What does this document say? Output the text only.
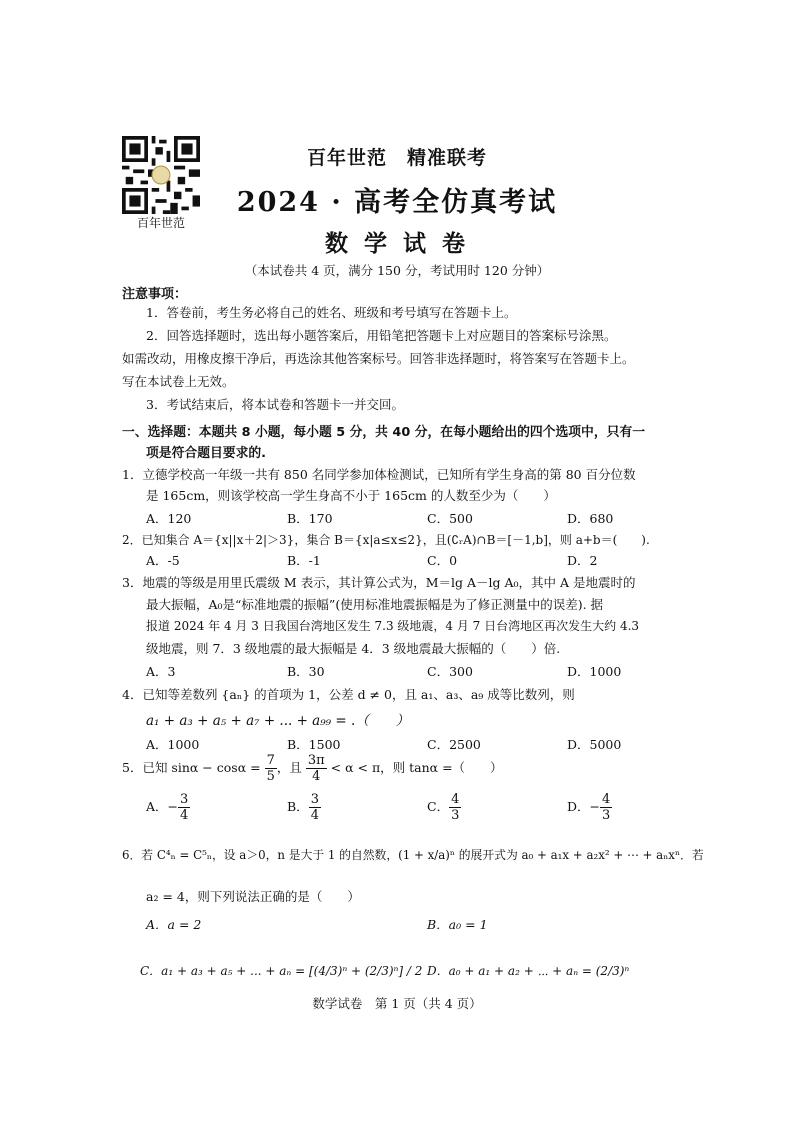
百年世范
百年世范　精准联考
2024 · 高考全仿真考试
数 学 试 卷
（本试卷共 4 页，满分 150 分，考试用时 120 分钟）
注意事项：
1．答卷前，考生务必将自己的姓名、班级和考号填写在答题卡上。
2．回答选择题时，选出每小题答案后，用铅笔把答题卡上对应题目的答案标号涂黑。
如需改动，用橡皮擦干净后，再选涂其他答案标号。回答非选择题时，将答案写在答题卡上。
写在本试卷上无效。
3．考试结束后，将本试卷和答题卡一并交回。
一、选择题：本题共 8 小题，每小题 5 分，共 40 分，在每小题给出的四个选项中，只有一
项是符合题目要求的.
1．立德学校高一年级一共有 850 名同学参加体检测试，已知所有学生身高的第 80 百分位数
是 165cm，则该学校高一学生身高不小于 165cm 的人数至少为（　　）
A．120	B．170	C．500	D．680
2．已知集合 A＝{x||x＋2|＞3}，集合 B＝{x|a≤x≤2}，且(∁ᵣA)∩B＝[－1,b]，则 a+b＝(　　).
A．-5	B．-1	C．0	D．2
3．地震的等级是用里氏震级 M 表示，其计算公式为，M＝lg A－lg A₀，其中 A 是地震时的
最大振幅，A₀是“标准地震的振幅”(使用标准地震振幅是为了修正测量中的误差). 据
报道 2024 年 4 月 3 日我国台湾地区发生 7.3 级地震，4 月 7 日台湾地区再次发生大约 4.3
级地震，则 7．3 级地震的最大振幅是 4．3 级地震最大振幅的（　　）倍.
A．3	B．30	C．300	D．1000
4．已知等差数列 {aₙ} 的首项为 1，公差 d ≠ 0，且 a₁、a₃、a₉ 成等比数列，则
a₁ + a₃ + a₅ + a₇ + ... + a₉₉ = .（　　）
A．1000	B．1500	C．2500	D．5000
5．已知 $\sin\alpha - \cos\alpha = \frac{7}{5}$ ，且 $\frac{3\pi}{4} < \alpha < \pi$，则 tanα =（　　）
A．− $\frac{3}{4}$	B． $\frac{3}{4}$	C． $\frac{4}{3}$	D．− $\frac{4}{3}$
6．若 C⁴ₙ = C⁵ₙ，设 a＞0，n 是大于 1 的自然数，(1 + x/a)ⁿ 的展开式为 a₀ + a₁x + a₂x² + ⋯ + aₙxⁿ．若
a₂ = 4，则下列说法正确的是（　　）
A．a = 2	B．a₀ = 1
C．a₁ + a₃ + a₅ + ... + aₙ = [(4/3)ⁿ + (2/3)ⁿ] / 2 D．a₀ + a₁ + a₂ + ⋯ + aₙ = (2/3)ⁿ
数学试卷　第 1 页（共 4 页）
